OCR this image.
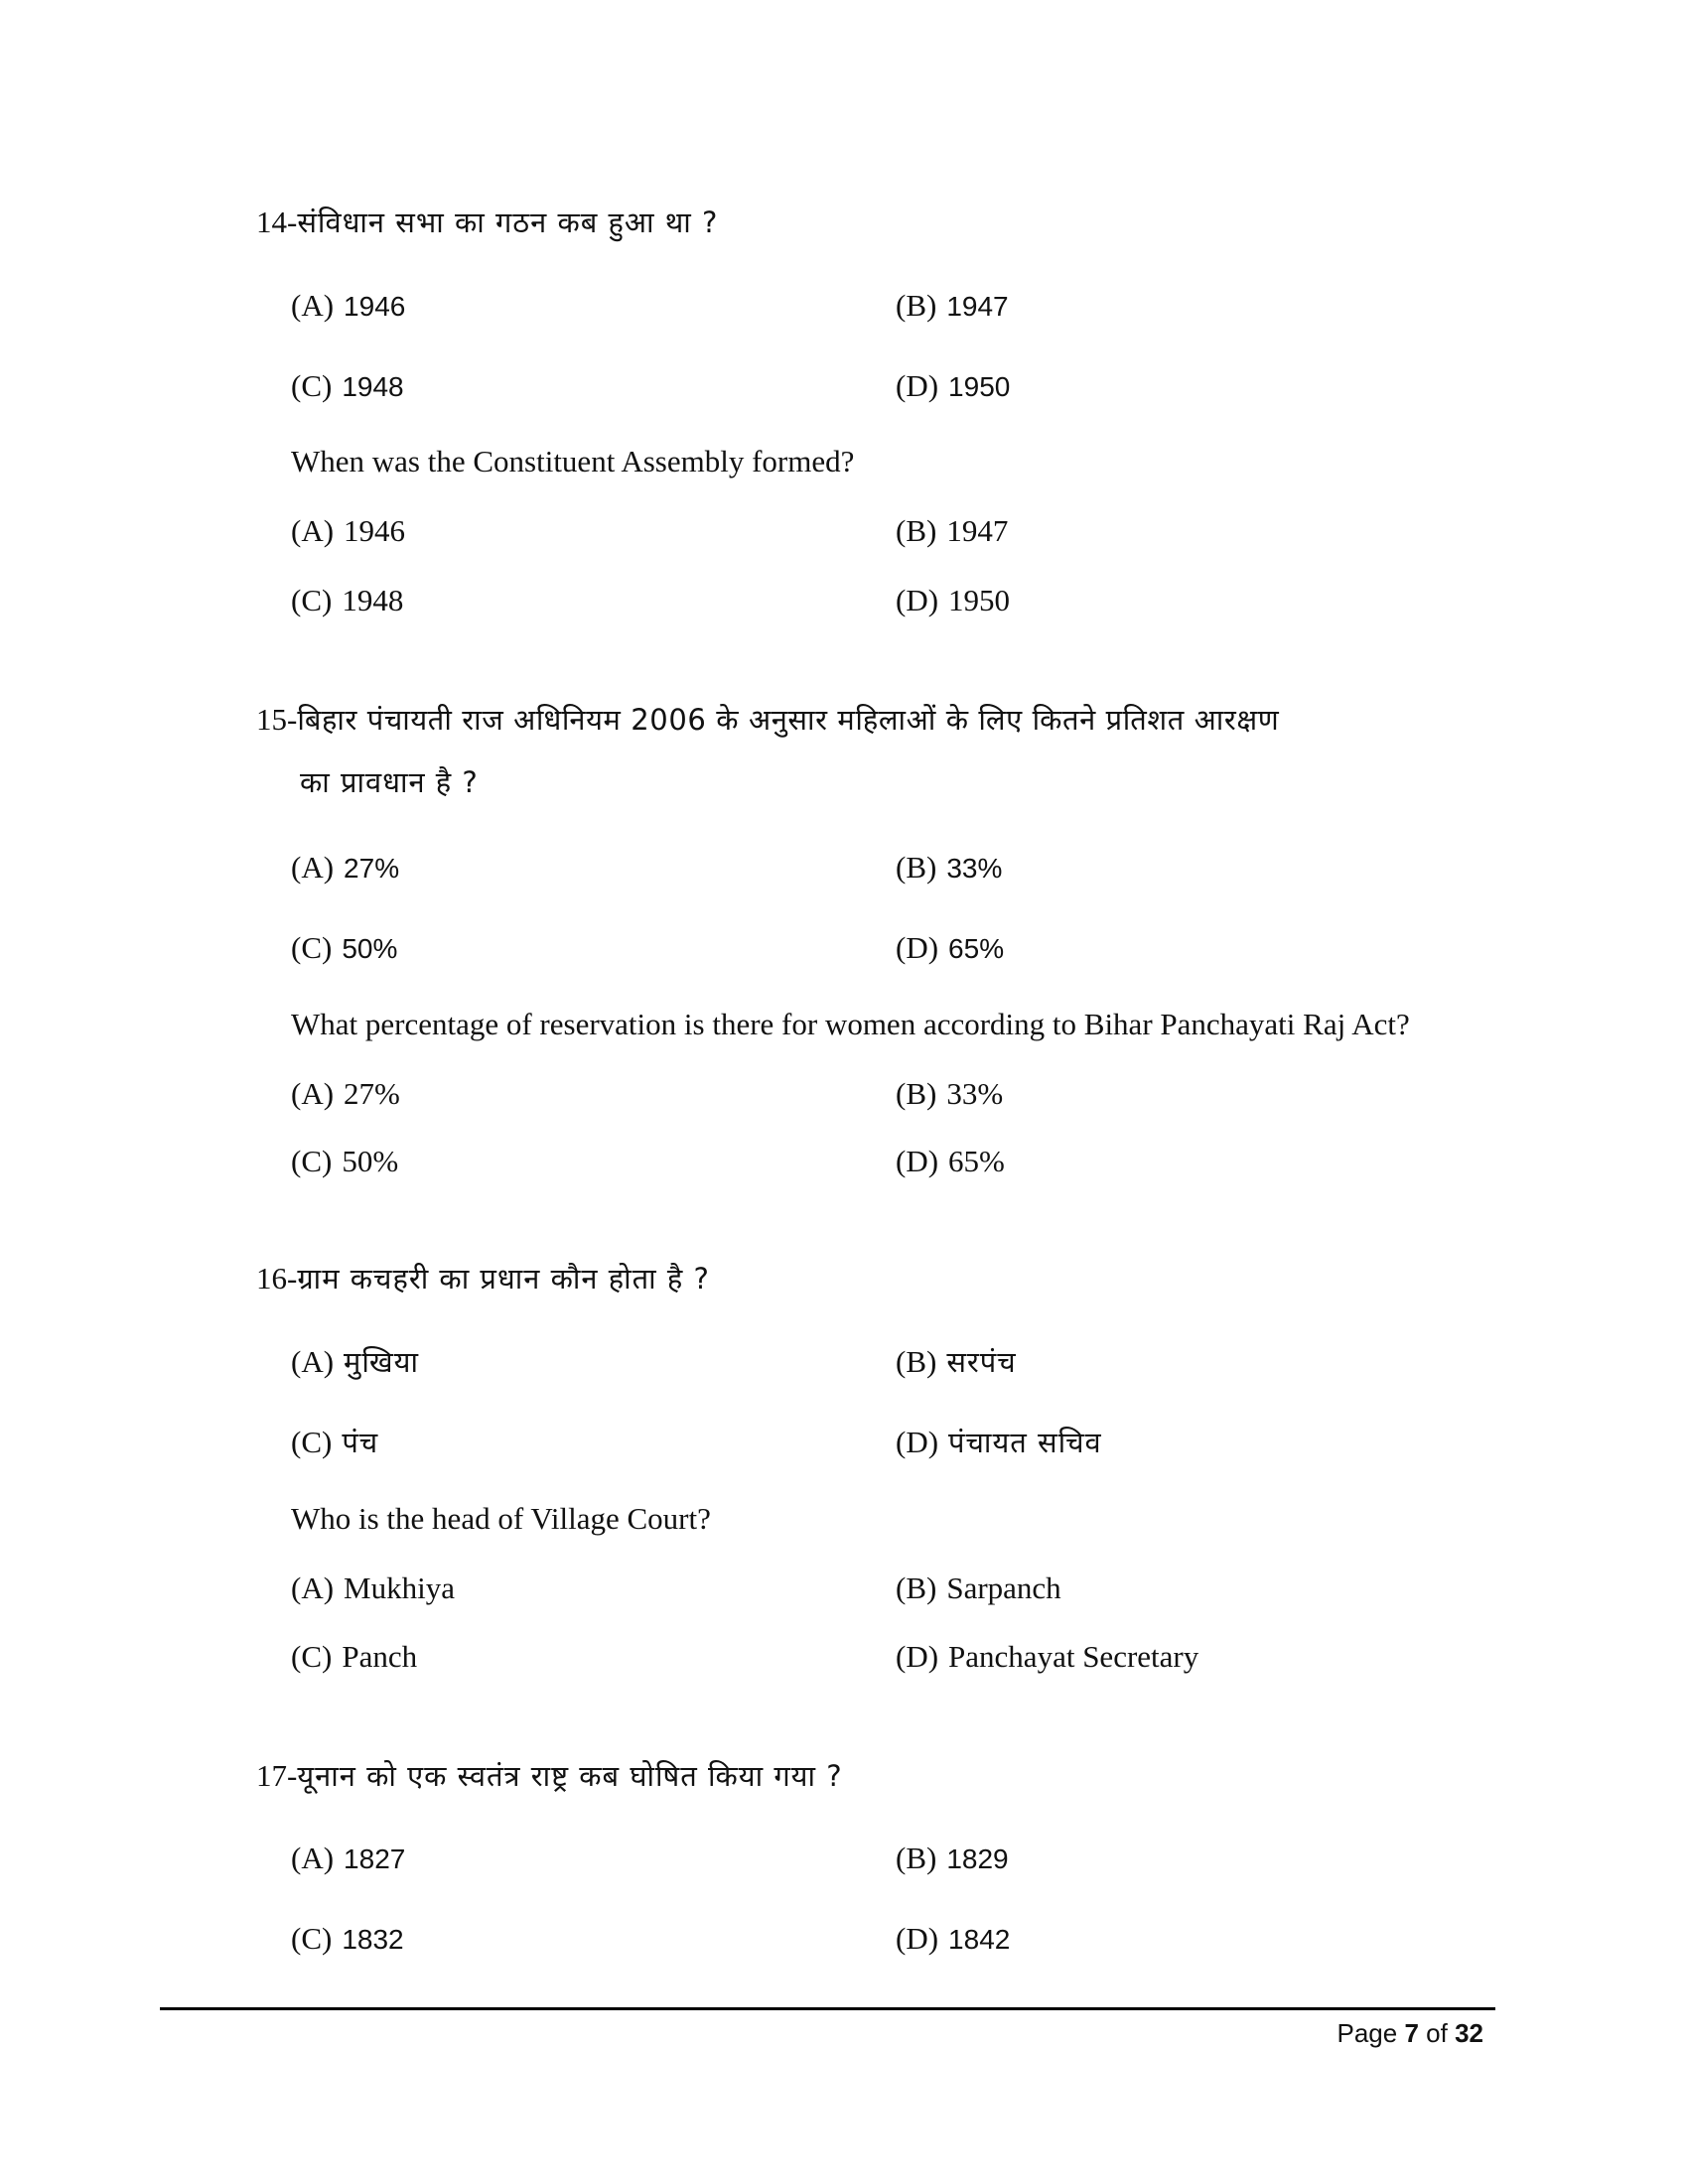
14-संविधान सभा का गठन कब हुआ था ?
(A) 1946	(B) 1947
(C) 1948	(D) 1950
When was the Constituent Assembly formed?
(A) 1946	(B) 1947
(C) 1948	(D) 1950
15-बिहार पंचायती राज अधिनियम 2006 के अनुसार महिलाओं के लिए कितने प्रतिशत आरक्षण
का प्रावधान है ?
(A) 27%	(B) 33%
(C) 50%	(D) 65%
What percentage of reservation is there for women according to Bihar Panchayati Raj Act?
(A) 27%	(B) 33%
(C) 50%	(D) 65%
16-ग्राम कचहरी का प्रधान कौन होता है ?
(A) मुखिया	(B) सरपंच
(C) पंच	(D) पंचायत सचिव
Who is the head of Village Court?
(A) Mukhiya	(B) Sarpanch
(C) Panch	(D) Panchayat Secretary
17-यूनान को एक स्वतंत्र राष्ट्र कब घोषित किया गया ?
(A) 1827	(B) 1829
(C) 1832	(D) 1842
Page 7 of 32
